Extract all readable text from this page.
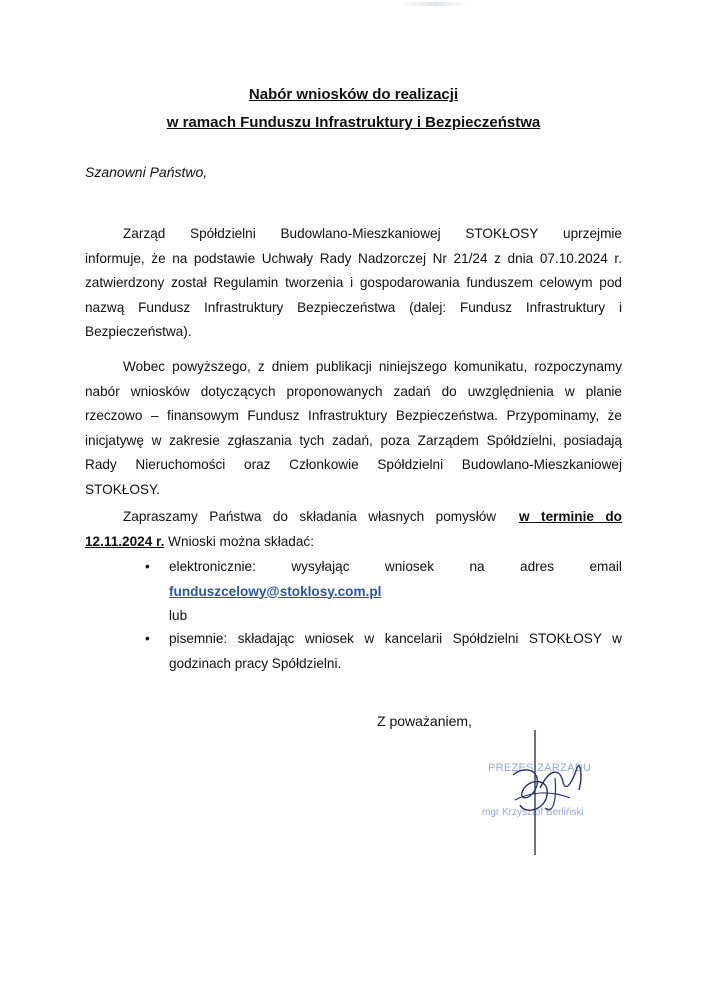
Nabór wniosków do realizacji
w ramach Funduszu Infrastruktury i Bezpieczeństwa
Szanowni Państwo,
Zarząd Spółdzielni Budowlano-Mieszkaniowej STOKŁOSY uprzejmie
informuje, że na podstawie Uchwały Rady Nadzorczej Nr 21/24 z dnia 07.10.2024 r. zatwierdzony został Regulamin tworzenia i gospodarowania funduszem celowym pod nazwą Fundusz Infrastruktury Bezpieczeństwa (dalej: Fundusz Infrastruktury i Bezpieczeństwa).
Wobec powyższego, z dniem publikacji niniejszego komunikatu, rozpoczynamy nabór wniosków dotyczących proponowanych zadań do uwzględnienia w planie rzeczowo – finansowym Fundusz Infrastruktury Bezpieczeństwa. Przypominamy, że inicjatywę w zakresie zgłaszania tych zadań, poza Zarządem Spółdzielni, posiadają Rady Nieruchomości oraz Członkowie Spółdzielni Budowlano-Mieszkaniowej STOKŁOSY.
Zapraszamy Państwa do składania własnych pomysłów w terminie do 12.11.2024 r. Wnioski można składać:
• elektronicznie:	wysyłając	wniosek	na	adres	email
funduszcelowy@stoklosy.com.pl
lub
• pisemnie: składając wniosek w kancelarii Spółdzielni STOKŁOSY w godzinach pracy Spółdzielni.
Z poważaniem,
PREZES ZARZĄDU
mgr Krzysztof Berliński
